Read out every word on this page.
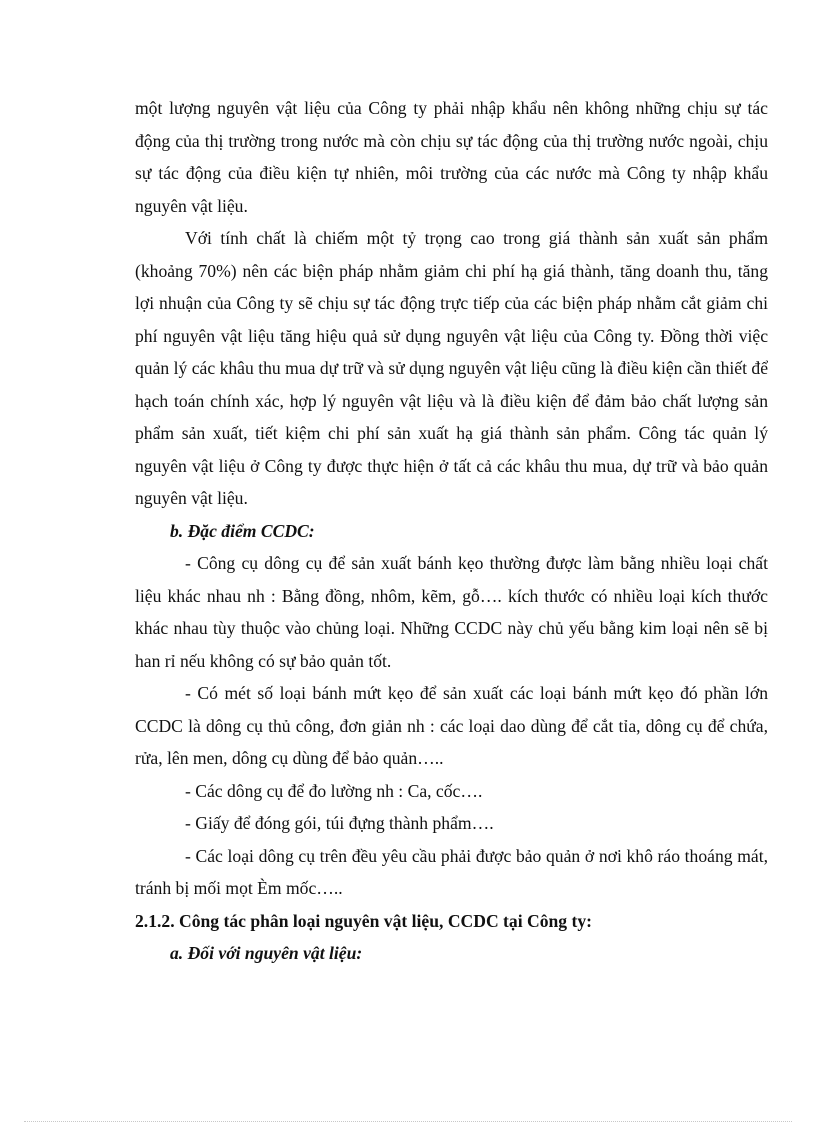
một lượng nguyên vật liệu của Công ty phải nhập khẩu nên không những chịu sự tác động của thị trường trong nước mà còn chịu sự tác động của thị trường nước ngoài, chịu sự tác động của điều kiện tự nhiên, môi trường của các nước mà Công ty nhập khẩu nguyên vật liệu.

Với tính chất là chiếm một tỷ trọng cao trong giá thành sản xuất sản phẩm (khoảng 70%) nên các biện pháp nhằm giảm chi phí hạ giá thành, tăng doanh thu, tăng lợi nhuận của Công ty sẽ chịu sự tác động trực tiếp của các biện pháp nhằm cắt giảm chi phí nguyên vật liệu tăng hiệu quả sử dụng nguyên vật liệu của Công ty. Đồng thời việc quản lý các khâu thu mua dự trữ và sử dụng nguyên vật liệu cũng là điều kiện cần thiết để hạch toán chính xác, hợp lý nguyên vật liệu và là điều kiện để đảm bảo chất lượng sản phẩm sản xuất, tiết kiệm chi phí sản xuất hạ giá thành sản phẩm. Công tác quản lý nguyên vật liệu ở Công ty được thực hiện ở tất cả các khâu thu mua, dự trữ và bảo quản nguyên vật liệu.

b. Đặc điểm CCDC:

- Công cụ dông cụ để sản xuất bánh kẹo thường được làm bằng nhiều loại chất liệu khác nhau nh : Bằng đồng, nhôm, kẽm, gỗ…. kích thước có nhiều loại kích thước khác nhau tùy thuộc vào chủng loại. Những CCDC này chủ yếu bằng kim loại nên sẽ bị han rỉ nếu không có sự bảo quản tốt.

- Có mét số loại bánh mứt kẹo để sản xuất các loại bánh mứt kẹo đó phần lớn CCDC là dông cụ thủ công, đơn giản nh : các loại dao dùng để cắt tỉa, dông cụ để chứa, rửa, lên men, dông cụ dùng để bảo quản…..

- Các dông cụ để đo lường nh : Ca, cốc….

- Giấy để đóng gói, túi đựng thành phẩm….

- Các loại dông cụ trên đều yêu cầu phải được bảo quản ở nơi khô ráo thoáng mát, tránh bị mối mọt Èm mốc…..

2.1.2. Công tác phân loại nguyên vật liệu, CCDC tại Công ty:

a. Đối với nguyên vật liệu:
